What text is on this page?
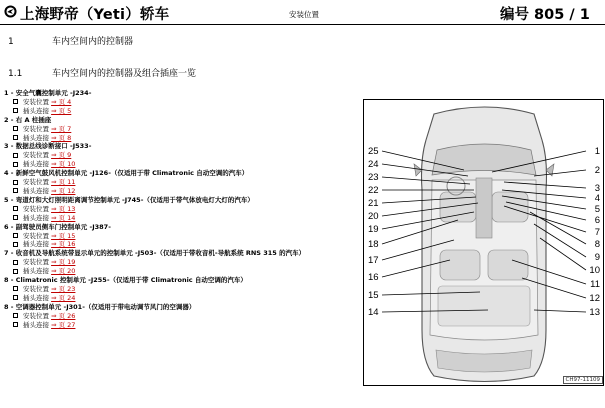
上海野帝（Yeti）轿车	安装位置	编号 805 / 1
1	车内空间内的控制器
1.1	车内空间内的控制器及组合插座一览
1 - 安全气囊控制单元 -J234-
安装位置 ⇒ 页 4
插头连接 ⇒ 页 5
2 - 右 A 柱插座
安装位置 ⇒ 页 7
插头连接 ⇒ 页 8
3 - 数据总线诊断接口 -J533-
安装位置 ⇒ 页 9
插头连接 ⇒ 页 10
4 - 新鲜空气鼓风机控制单元 -J126-（仅适用于带 Climatronic 自动空调的汽车）
安装位置 ⇒ 页 11
插头连接 ⇒ 页 12
5 - 弯道灯和大灯照明距离调节控制单元 -J745-（仅适用于带气体放电灯大灯的汽车）
安装位置 ⇒ 页 13
插头连接 ⇒ 页 14
6 - 副驾驶员侧车门控制单元 -J387-
安装位置 ⇒ 页 15
插头连接 ⇒ 页 16
7 - 收音机及导航系统带显示单元的控制单元 -J503-（仅适用于带收音机-导航系统 RNS 315 的汽车）
安装位置 ⇒ 页 19
插头连接 ⇒ 页 20
8 - Climatronic 控制单元 -J255-（仅适用于带 Climatronic 自动空调的汽车）
安装位置 ⇒ 页 23
插头连接 ⇒ 页 24
8 - 空调器控制单元 -J301-（仅适用于带电动调节风门的空调器）
安装位置 ⇒ 页 26
插头连接 ⇒ 页 27
25
24
23
22
21
20
19
18
17
16
15
14
1
2
3
4
5
6
7
8
9
10
11
12
13
CH97-11109
